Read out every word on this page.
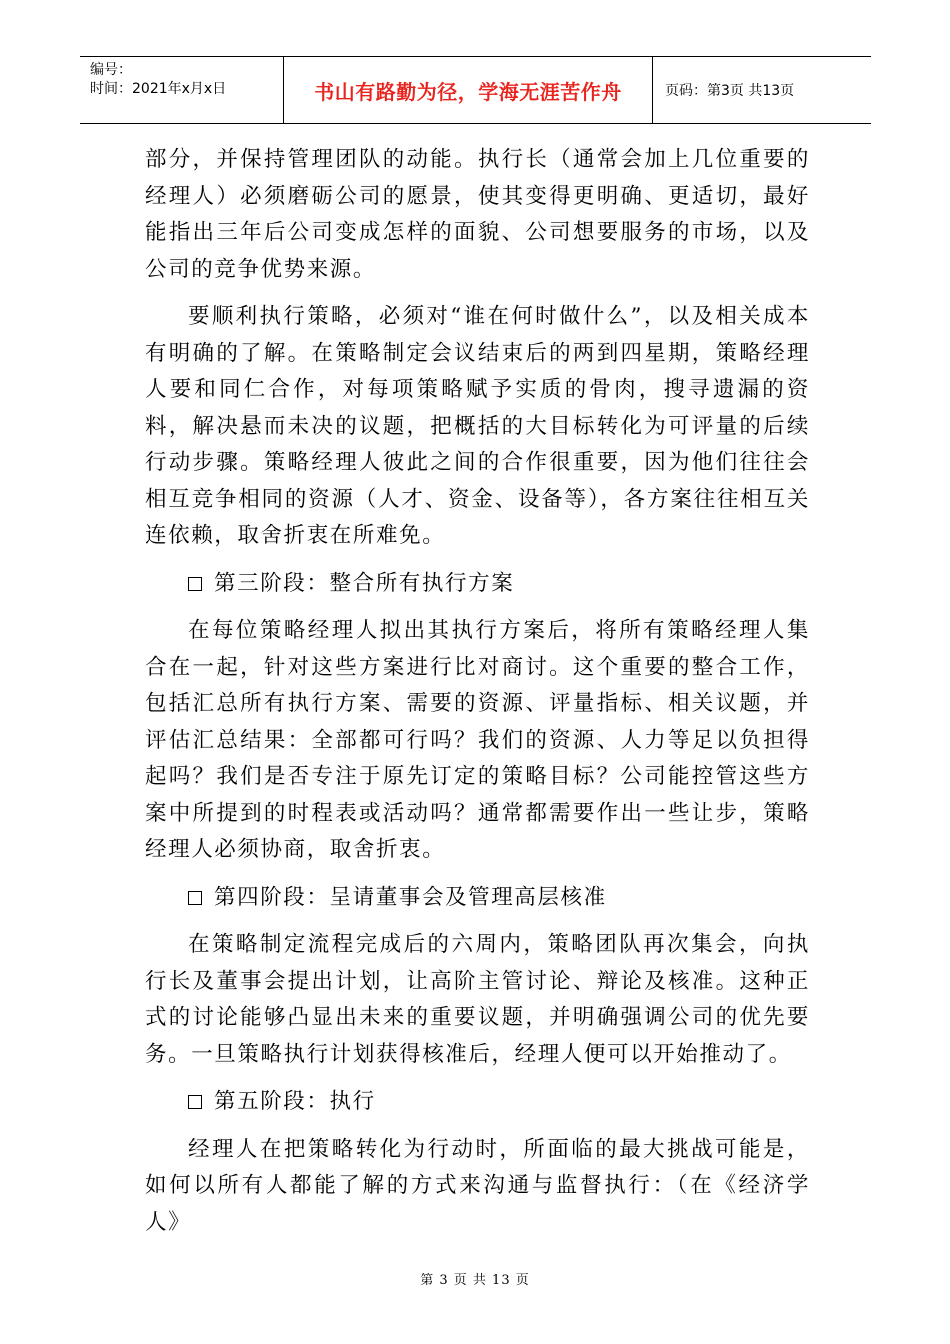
编号：
时间：2021年x月x日	书山有路勤为径，学海无涯苦作舟	页码：第3页 共13页

部分，并保持管理团队的动能。执行长（通常会加上几位重要的经理人）必须磨砺公司的愿景，使其变得更明确、更适切，最好能指出三年后公司变成怎样的面貌、公司想要服务的市场，以及公司的竞争优势来源。

要顺利执行策略，必须对“谁在何时做什么”，以及相关成本有明确的了解。在策略制定会议结束后的两到四星期，策略经理人要和同仁合作，对每项策略赋予实质的骨肉，搜寻遗漏的资料，解决悬而未决的议题，把概括的大目标转化为可评量的后续行动步骤。策略经理人彼此之间的合作很重要，因为他们往往会相互竞争相同的资源（人才、资金、设备等），各方案往往相互关连依赖，取舍折衷在所难免。

第三阶段：整合所有执行方案

在每位策略经理人拟出其执行方案后，将所有策略经理人集合在一起，针对这些方案进行比对商讨。这个重要的整合工作，包括汇总所有执行方案、需要的资源、评量指标、相关议题，并评估汇总结果：全部都可行吗？我们的资源、人力等足以负担得起吗？我们是否专注于原先订定的策略目标？公司能控管这些方案中所提到的时程表或活动吗？通常都需要作出一些让步，策略经理人必须协商，取舍折衷。

第四阶段：呈请董事会及管理高层核准

在策略制定流程完成后的六周内，策略团队再次集会，向执行长及董事会提出计划，让高阶主管讨论、辩论及核准。这种正式的讨论能够凸显出未来的重要议题，并明确强调公司的优先要务。一旦策略执行计划获得核准后，经理人便可以开始推动了。

第五阶段：执行

经理人在把策略转化为行动时，所面临的最大挑战可能是，如何以所有人都能了解的方式来沟通与监督执行：（在《经济学人》

第 3 页 共 13 页
